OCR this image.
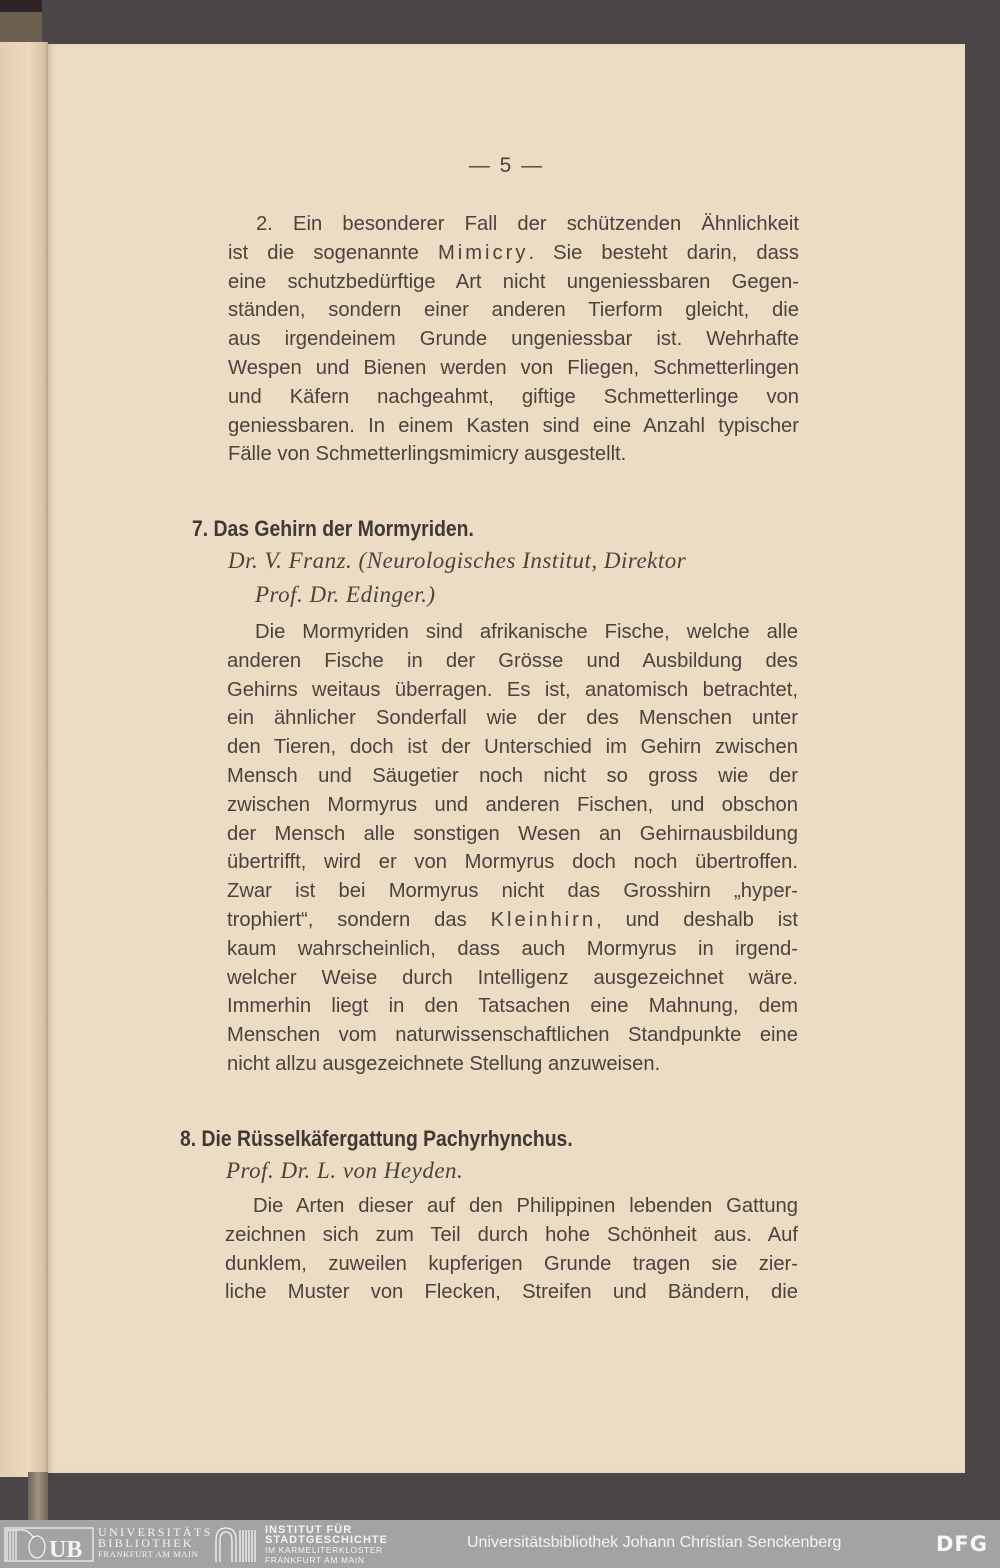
— 5 —
2. Ein besonderer Fall der schützenden Ähnlichkeit
ist die sogenannte Mimicry. Sie besteht darin, dass
eine schutzbedürftige Art nicht ungeniessbaren Gegen-
ständen, sondern einer anderen Tierform gleicht, die
aus irgendeinem Grunde ungeniessbar ist. Wehrhafte
Wespen und Bienen werden von Fliegen, Schmetterlingen
und Käfern nachgeahmt, giftige Schmetterlinge von
geniessbaren. In einem Kasten sind eine Anzahl typischer
Fälle von Schmetterlingsmimicry ausgestellt.
7. Das Gehirn der Mormyriden.
Dr. V. Franz. (Neurologisches Institut, Direktor
Prof. Dr. Edinger.)
Die Mormyriden sind afrikanische Fische, welche alle
anderen Fische in der Grösse und Ausbildung des
Gehirns weitaus überragen. Es ist, anatomisch betrachtet,
ein ähnlicher Sonderfall wie der des Menschen unter
den Tieren, doch ist der Unterschied im Gehirn zwischen
Mensch und Säugetier noch nicht so gross wie der
zwischen Mormyrus und anderen Fischen, und obschon
der Mensch alle sonstigen Wesen an Gehirnausbildung
übertrifft, wird er von Mormyrus doch noch übertroffen.
Zwar ist bei Mormyrus nicht das Grosshirn „hyper-
trophiert“, sondern das Kleinhirn, und deshalb ist
kaum wahrscheinlich, dass auch Mormyrus in irgend-
welcher Weise durch Intelligenz ausgezeichnet wäre.
Immerhin liegt in den Tatsachen eine Mahnung, dem
Menschen vom naturwissenschaftlichen Standpunkte eine
nicht allzu ausgezeichnete Stellung anzuweisen.
8. Die Rüsselkäfergattung Pachyrhynchus.
Prof. Dr. L. von Heyden.
Die Arten dieser auf den Philippinen lebenden Gattung
zeichnen sich zum Teil durch hohe Schönheit aus. Auf
dunklem, zuweilen kupferigen Grunde tragen sie zier-
liche Muster von Flecken, Streifen und Bändern, die
UB
UNIVERSITÄTS
BIBLIOTHEK
FRANKFURT AM MAIN
INSTITUT FÜR
STADTGESCHICHTE
IM KARMELITERKLOSTER
FRANKFURT AM MAIN
Universitätsbibliothek Johann Christian Senckenberg	DFG
